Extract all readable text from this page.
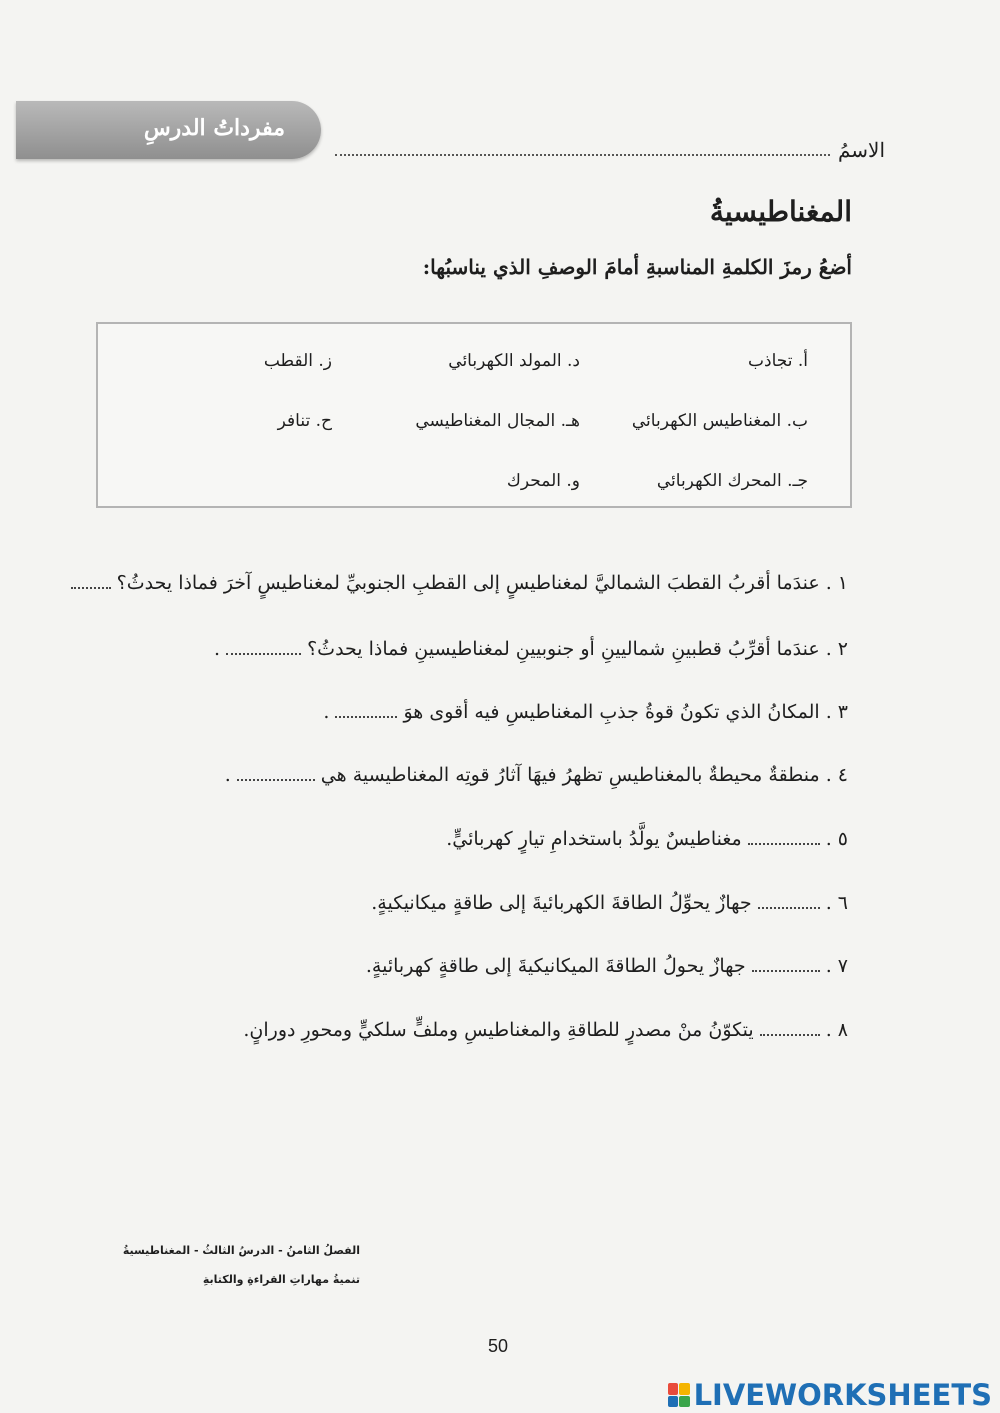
مفرداتُ الدرسِ
الاسمُ
المغناطيسيةُ
أضعُ رمزَ الكلمةِ المناسبةِ أمامَ الوصفِ الذي يناسبُها:
أ. تجاذب
ب. المغناطيس الكهربائي
جـ. المحرك الكهربائي
د. المولد الكهربائي
هـ. المجال المغناطيسي
و. المحرك
ز. القطب
ح. تنافر
١ .
عندَما أقربُ القطبَ الشماليَّ لمغناطيسٍ إلى القطبِ الجنوبيِّ لمغناطيسٍ آخرَ فماذا يحدثُ؟
٢ .
عندَما أقرِّبُ قطبينِ شماليينِ أو جنوبيينِ لمغناطيسينِ فماذا يحدثُ؟
.
٣ .
المكانُ الذي تكونُ قوةُ جذبِ المغناطيسِ فيه أقوى هوَ
.
٤ .
منطقةٌ محيطةٌ بالمغناطيسِ تظهرُ فيهَا آثارُ قوتِه المغناطيسية هي
.
٥ .
مغناطيسٌ يولَّدُ باستخدامِ تيارٍ كهربائيٍّ.
٦ .
جهازٌ يحوِّلُ الطاقةَ الكهربائيةَ إلى طاقةٍ ميكانيكيةٍ.
٧ .
جهازٌ يحولُ الطاقةَ الميكانيكيةَ إلى طاقةٍ كهربائيةٍ.
٨ .
يتكوّنُ منْ مصدرٍ للطاقةِ والمغناطيسِ وملفٍّ سلكيٍّ ومحورِ دورانٍ.
الفصلُ الثامنُ - الدرسُ الثالثُ - المغناطيسيةُ
تنميةُ مهاراتِ القراءةِ والكتابةِ
50
LIVEWORKSHEETS
